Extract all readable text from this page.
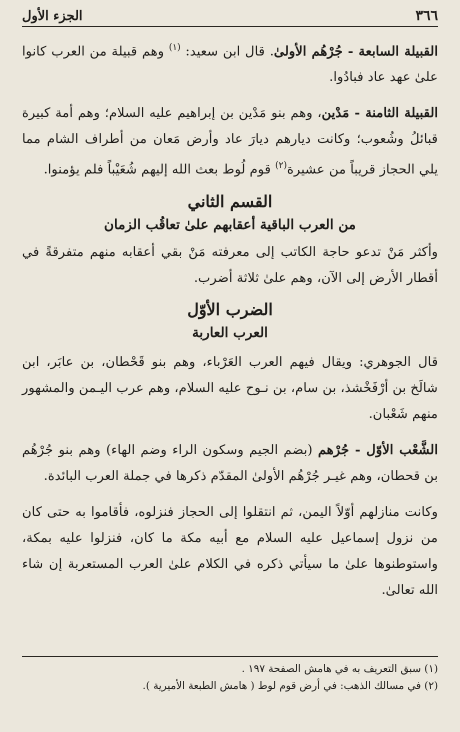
٣٦٦
الجزء الأول

القبيلة السابعة - جُرْهُم الأولىٰ. قال ابن سعيد: $^{(١)}$ وهم قبيلة من العرب كانوا علىٰ عهد عاد فبادُوا.

القبيلة الثامنة - مَدْين، وهم بنو مَدْين بن إبراهيم عليه السلام؛ وهم أمة كبيرة قبائلُ وشُعوب؛ وكانت ديارهم ديارَ عاد وأرض مَعان من أطراف الشام مما يلي الحجاز قريباً من عشيرة$^{(٢)}$ قوم لُوط بعث الله إليهم شُعَيْباً فلم يؤمنوا.

القسم الثاني
من العرب الباقية أعقابهم علىٰ تعاقُب الزمان

وأكثر مَنْ تدعو حاجة الكاتب إلى معرفته مَنْ بقي أعقابه منهم متفرقةً في أقطار الأرض إلى الآن، وهم علىٰ ثلاثة أضرب.

الضرب الأوّل
العرب العاربة

قال الجوهري: ويقال فيهم العرب العَرْباء، وهم بنو قَحْطان، بن عابَر، ابن شالَخ بن أرْفَخْشذ، بن سام، بن نـوح عليه السلام، وهم عرب اليـمن والمشهور منهم شَعْبان.

الشَّعْب الأوّل - جُرْهم (بضم الجيم وسكون الراء وضم الهاء) وهم بنو جُرْهُم بن قحطان، وهم غيـر جُرْهُم الأولىٰ المقدّم ذكرها في جملة العرب البائدة.

وكانت منازلهم أوّلاً اليمن، ثم انتقلوا إلى الحجاز فنزلوه، فأقاموا به حتى كان من نزول إسماعيل عليه السلام مع أبيه مكة ما كان، فنزلوا عليه بمكة، واستوطنوها علىٰ ما سيأتي ذكره في الكلام علىٰ العرب المستعربة إن شاء الله تعالىٰ.

(١) سبق التعريف به في هامش الصفحة ١٩٧ .
(٢) في مسالك الذهب: في أرض قوم لوط ( هامش الطبعة الأميرية ).
